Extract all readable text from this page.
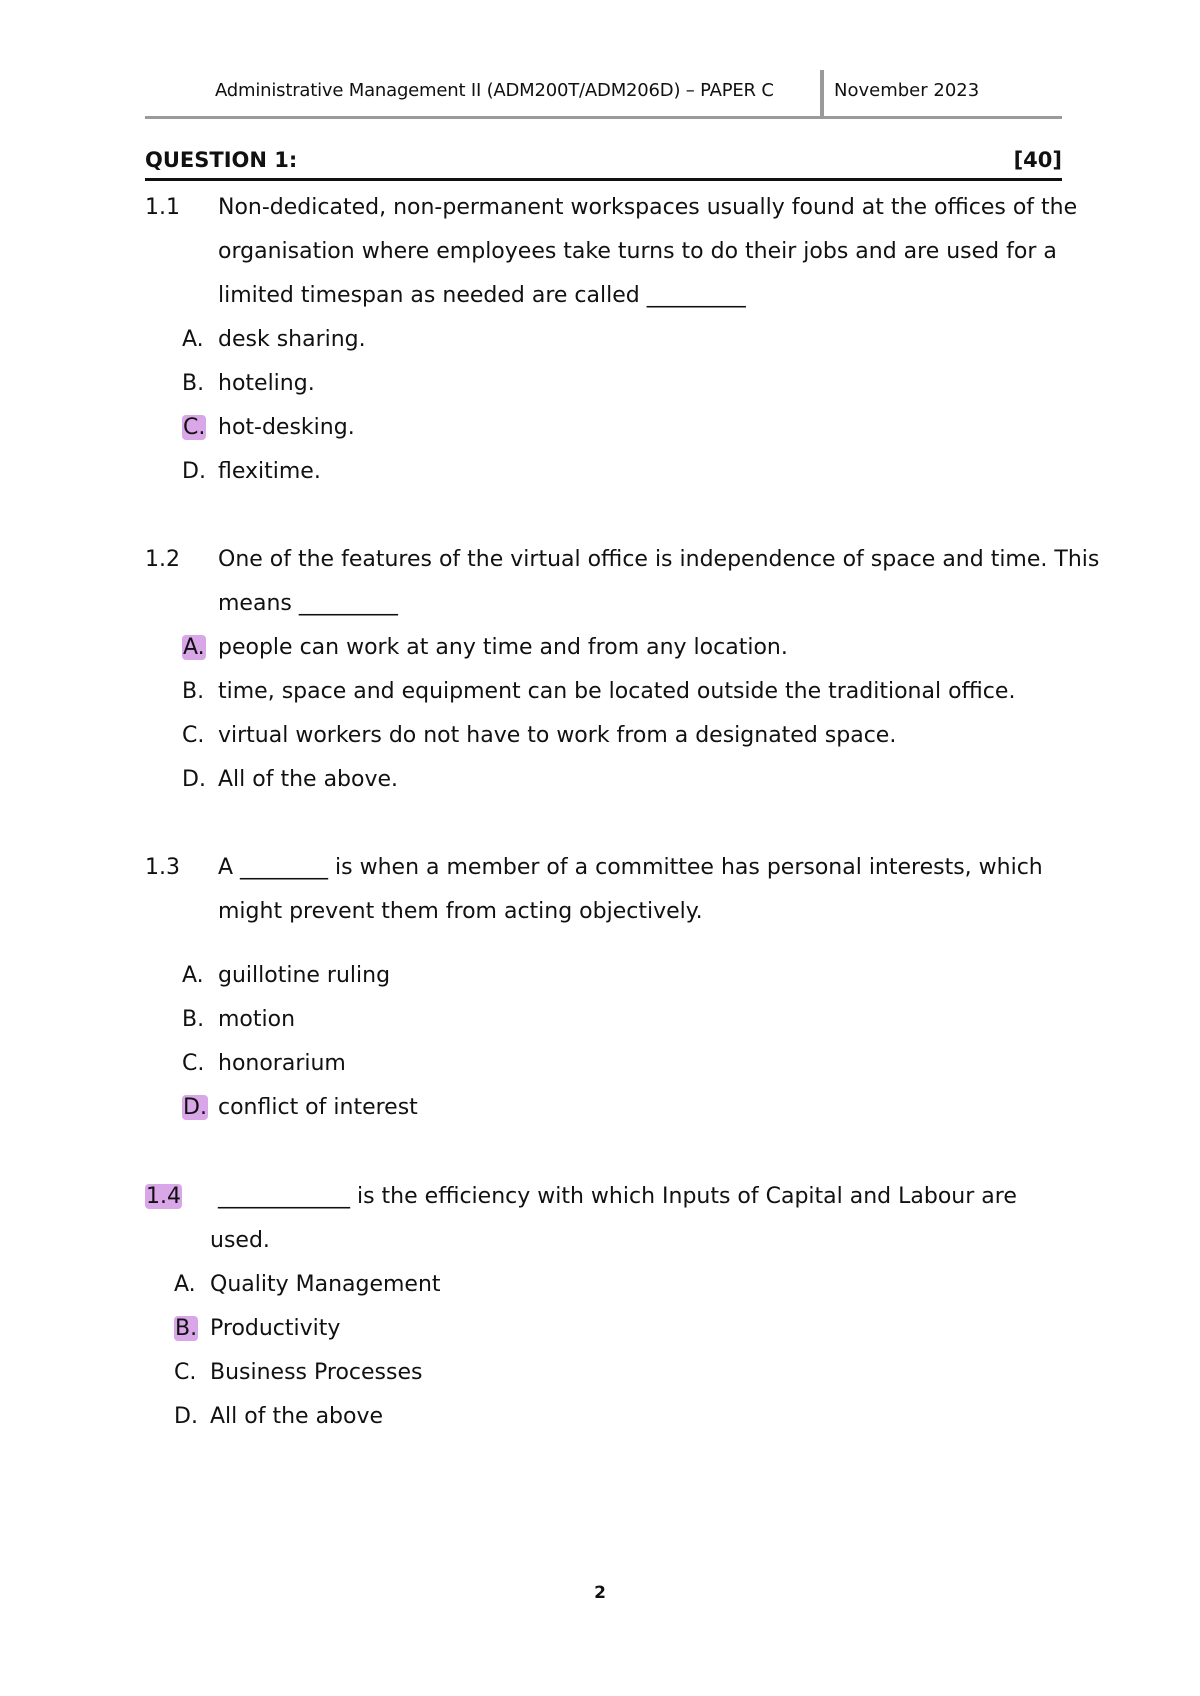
Administrative Management II (ADM200T/ADM206D) – PAPER C	November 2023
QUESTION 1:	[40]
1.1 Non-dedicated, non-permanent workspaces usually found at the offices of the
organisation where employees take turns to do their jobs and are used for a
limited timespan as needed are called _________
A. desk sharing.
B. hoteling.
C. hot-desking.
D. flexitime.
1.2 One of the features of the virtual office is independence of space and time. This
means _________
A. people can work at any time and from any location.
B. time, space and equipment can be located outside the traditional office.
C. virtual workers do not have to work from a designated space.
D. All of the above.
1.3 A ________ is when a member of a committee has personal interests, which
might prevent them from acting objectively.
A. guillotine ruling
B. motion
C. honorarium
D. conflict of interest
1.4 ____________ is the efficiency with which Inputs of Capital and Labour are
used.
A. Quality Management
B. Productivity
C. Business Processes
D. All of the above
2
